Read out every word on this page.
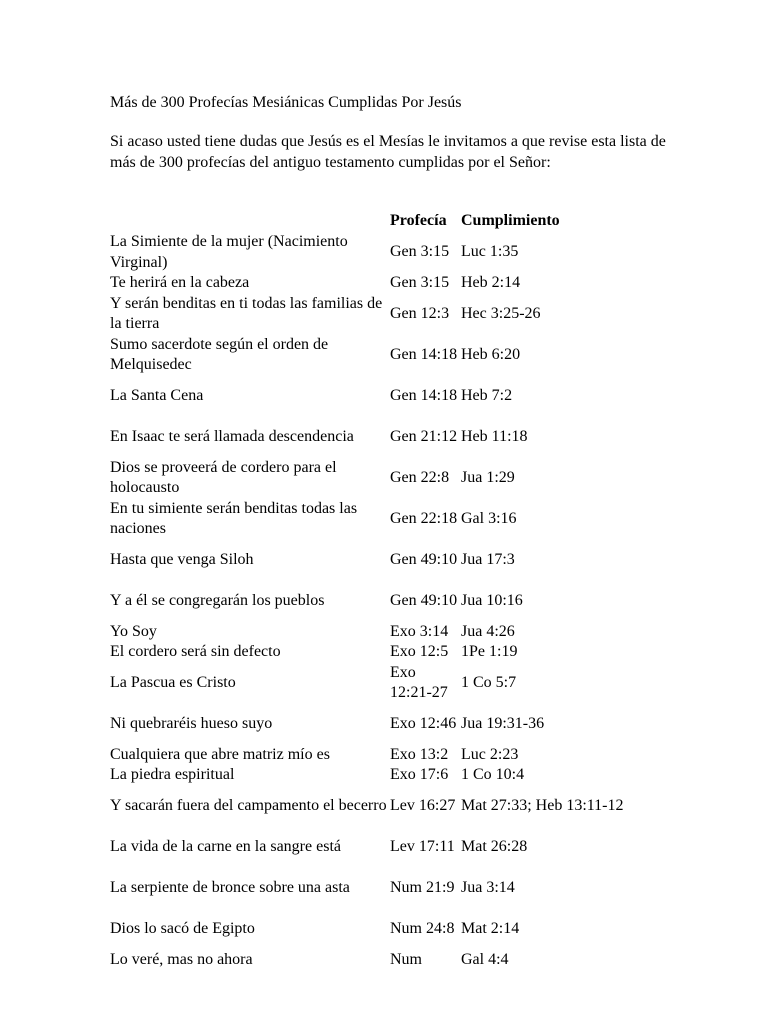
Más de 300 Profecías Mesiánicas Cumplidas Por Jesús

Si acaso usted tiene dudas que Jesús es el Mesías le invitamos a que revise esta lista de más de 300 profecías del antiguo testamento cumplidas por el Señor:

	Profecía	Cumplimiento
La Simiente de la mujer (Nacimiento Virginal)	Gen 3:15	Luc 1:35
Te herirá en la cabeza	Gen 3:15	Heb 2:14
Y serán benditas en ti todas las familias de la tierra	Gen 12:3	Hec 3:25-26
Sumo sacerdote según el orden de Melquisedec	Gen 14:18	Heb 6:20
La Santa Cena	Gen 14:18	Heb 7:2
En Isaac te será llamada descendencia	Gen 21:12	Heb 11:18
Dios se proveerá de cordero para el holocausto	Gen 22:8	Jua 1:29
En tu simiente serán benditas todas las naciones	Gen 22:18	Gal 3:16
Hasta que venga Siloh	Gen 49:10	Jua 17:3
Y a él se congregarán los pueblos	Gen 49:10	Jua 10:16
Yo Soy	Exo 3:14	Jua 4:26
El cordero será sin defecto	Exo 12:5	1Pe 1:19
La Pascua es Cristo	Exo 12:21-27	1 Co 5:7
Ni quebraréis hueso suyo	Exo 12:46	Jua 19:31-36
Cualquiera que abre matriz mío es	Exo 13:2	Luc 2:23
La piedra espiritual	Exo 17:6	1 Co 10:4
Y sacarán fuera del campamento el becerro	Lev 16:27	Mat 27:33; Heb 13:11-12
La vida de la carne en la sangre está	Lev 17:11	Mat 26:28
La serpiente de bronce sobre una asta	Num 21:9	Jua 3:14
Dios lo sacó de Egipto	Num 24:8	Mat 2:14
Lo veré, mas no ahora	Num	Gal 4:4
